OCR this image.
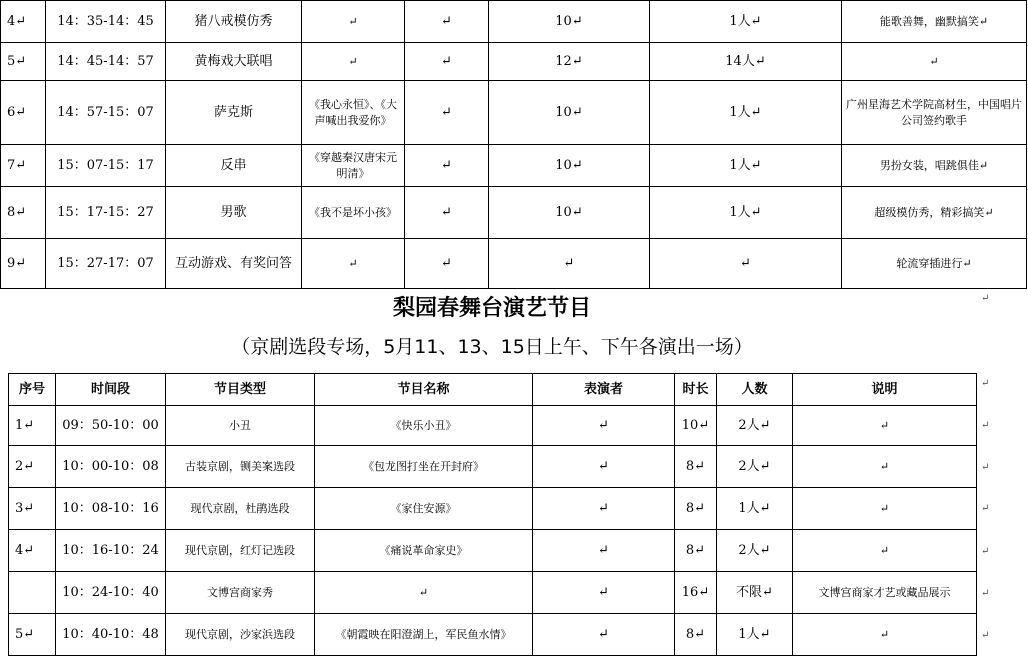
4↵	14：35-14：45	猪八戒模仿秀	↵	↵	10↵	1人↵	能歌善舞，幽默搞笑↵
5↵	14：45-14：57	黄梅戏大联唱	↵	↵	12↵	14人↵	↵
6↵	14：57-15：07	萨克斯	《我心永恒》、《大声喊出我爱你》	↵	10↵	1人↵	广州星海艺术学院高材生，中国唱片公司签约歌手
7↵	15：07-15：17	反串	《穿越秦汉唐宋元明清》	↵	10↵	1人↵	男扮女装，唱跳俱佳↵
8↵	15：17-15：27	男歌	《我不是坏小孩》	↵	10↵	1人↵	超级模仿秀，精彩搞笑↵
9↵	15：27-17：07	互动游戏、有奖问答	↵	↵	↵	↵	轮流穿插进行↵
梨园春舞台演艺节目
（京剧选段专场，5月11、13、15日上午、下午各演出一场）
序号	时间段	节目类型	节目名称	表演者	时长	人数	说明
1↵	09：50-10：00	小丑	《快乐小丑》	↵	10↵	2人↵	↵
2↵	10：00-10：08	古装京剧，铡美案选段	《包龙图打坐在开封府》	↵	8↵	2人↵	↵
3↵	10：08-10：16	现代京剧，杜鹃选段	《家住安源》	↵	8↵	1人↵	↵
4↵	10：16-10：24	现代京剧，红灯记选段	《痛说革命家史》	↵	8↵	2人↵	↵
	10：24-10：40	文博宫商家秀	↵	↵	16↵	不限↵	文博宫商家才艺或藏品展示
5↵	10：40-10：48	现代京剧，沙家浜选段	《朝霞映在阳澄湖上，军民鱼水情》	↵	8↵	1人↵	↵
↵
↵
↵
↵
↵
↵
↵
↵
